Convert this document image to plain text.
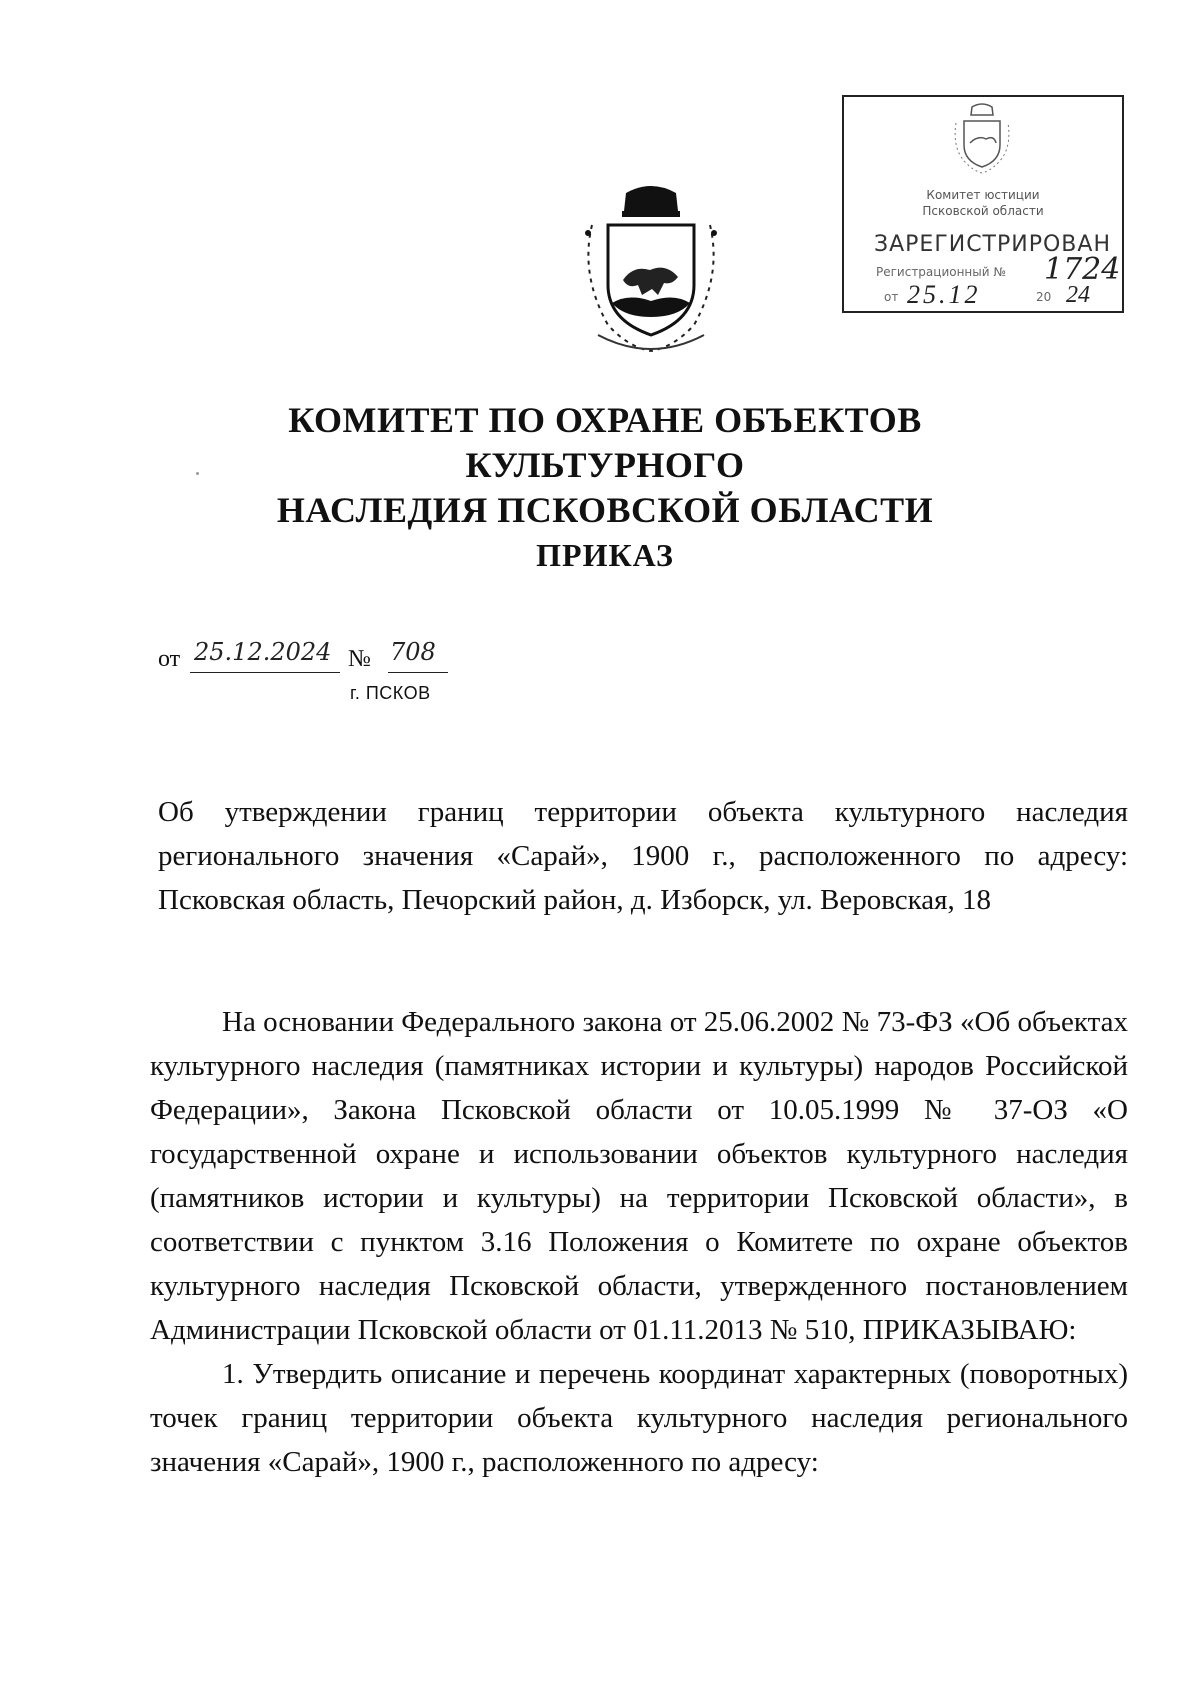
Комитет юстиции
Псковской области
ЗАРЕГИСТРИРОВАН
Регистрационный № 1724
от 25.12	20 24
КОМИТЕТ ПО ОХРАНЕ ОБЪЕКТОВ КУЛЬТУРНОГО
НАСЛЕДИЯ ПСКОВСКОЙ ОБЛАСТИ
ПРИКАЗ
от 25.12.2024 № 708
г. ПСКОВ
Об утверждении границ территории объекта культурного наследия регионального значения «Сарай», 1900 г., расположенного по адресу: Псковская область, Печорский район, д. Изборск, ул. Веровская, 18

На основании Федерального закона от 25.06.2002 № 73-ФЗ «Об объектах культурного наследия (памятниках истории и культуры) народов Российской Федерации», Закона Псковской области от 10.05.1999 № 37-ОЗ «О государственной охране и использовании объектов культурного наследия (памятников истории и культуры) на территории Псковской области», в соответствии с пунктом 3.16 Положения о Комитете по охране объектов культурного наследия Псковской области, утвержденного постановлением Администрации Псковской области от 01.11.2013 № 510, ПРИКАЗЫВАЮ:

1. Утвердить описание и перечень координат характерных (поворотных) точек границ территории объекта культурного наследия регионального значения «Сарай», 1900 г., расположенного по адресу:
